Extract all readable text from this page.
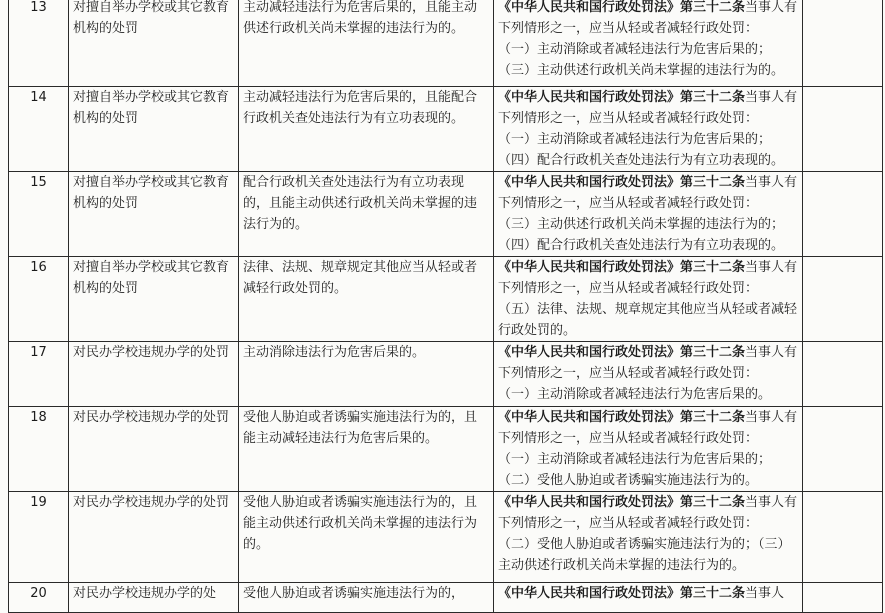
13	对擅自举办学校或其它教育机构的处罚	主动减轻违法行为危害后果的，且能主动供述行政机关尚未掌握的违法行为的。	《中华人民共和国行政处罚法》第三十二条当事人有下列情形之一，应当从轻或者减轻行政处罚：
（一）主动消除或者减轻违法行为危害后果的；
（三）主动供述行政机关尚未掌握的违法行为的。	

14	对擅自举办学校或其它教育机构的处罚	主动减轻违法行为危害后果的，且能配合行政机关查处违法行为有立功表现的。	《中华人民共和国行政处罚法》第三十二条当事人有下列情形之一，应当从轻或者减轻行政处罚：
（一）主动消除或者减轻违法行为危害后果的；
（四）配合行政机关查处违法行为有立功表现的。	

15	对擅自举办学校或其它教育机构的处罚	配合行政机关查处违法行为有立功表现的，且能主动供述行政机关尚未掌握的违法行为的。	《中华人民共和国行政处罚法》第三十二条当事人有下列情形之一，应当从轻或者减轻行政处罚：
（三）主动供述行政机关尚未掌握的违法行为的；
（四）配合行政机关查处违法行为有立功表现的。	

16	对擅自举办学校或其它教育机构的处罚	法律、法规、规章规定其他应当从轻或者减轻行政处罚的。	《中华人民共和国行政处罚法》第三十二条当事人有下列情形之一，应当从轻或者减轻行政处罚：
（五）法律、法规、规章规定其他应当从轻或者减轻行政处罚的。	

17	对民办学校违规办学的处罚	主动消除违法行为危害后果的。	《中华人民共和国行政处罚法》第三十二条当事人有下列情形之一，应当从轻或者减轻行政处罚：
（一）主动消除或者减轻违法行为危害后果的。	

18	对民办学校违规办学的处罚	受他人胁迫或者诱骗实施违法行为的，且能主动减轻违法行为危害后果的。	《中华人民共和国行政处罚法》第三十二条当事人有下列情形之一，应当从轻或者减轻行政处罚：
（一）主动消除或者减轻违法行为危害后果的；
（二）受他人胁迫或者诱骗实施违法行为的。	

19	对民办学校违规办学的处罚	受他人胁迫或者诱骗实施违法行为的，且能主动供述行政机关尚未掌握的违法行为的。	《中华人民共和国行政处罚法》第三十二条当事人有下列情形之一，应当从轻或者减轻行政处罚：
（二）受他人胁迫或者诱骗实施违法行为的；（三）主动供述行政机关尚未掌握的违法行为的。	

20	对民办学校违规办学的处	受他人胁迫或者诱骗实施违法行为的，	《中华人民共和国行政处罚法》第三十二条当事人	
